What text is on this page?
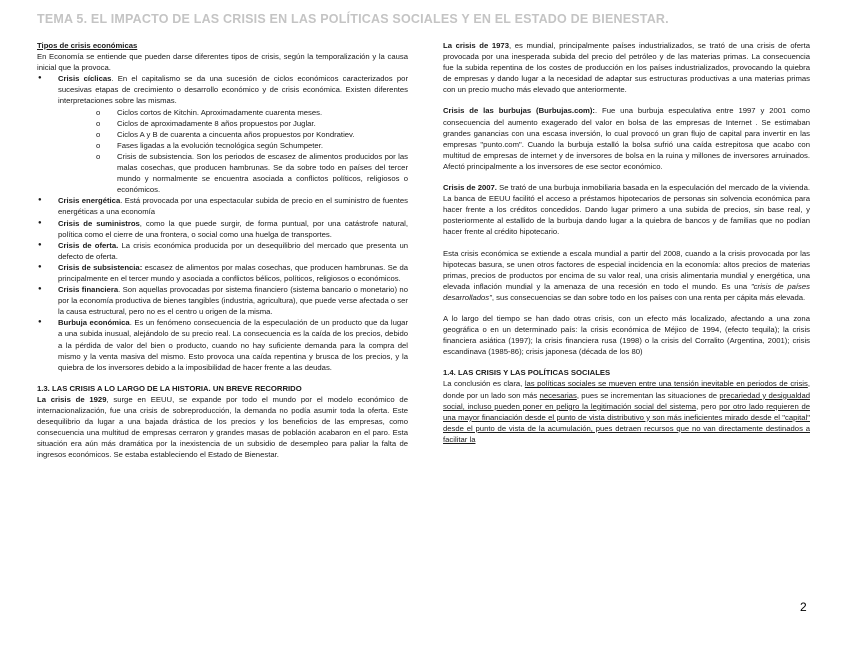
TEMA 5. EL IMPACTO DE LAS CRISIS EN LAS POLÍTICAS SOCIALES Y EN EL ESTADO DE BIENESTAR.

Tipos de crisis económicas

En Economía se entiende que pueden darse diferentes tipos de crisis, según la temporalización y la causa inicial que la provoca.

● Crisis cíclicas. En el capitalismo se da una sucesión de ciclos económicos caracterizados por sucesivas etapas de crecimiento o desarrollo económico y de crisis económica. Existen diferentes interpretaciones sobre las mismas.
o Ciclos cortos de Kitchin. Aproximadamente cuarenta meses.
o Ciclos de aproximadamente 8 años propuestos por Juglar.
o Ciclos A y B de cuarenta a cincuenta años propuestos por Kondratiev.
o Fases ligadas a la evolución tecnológica según Schumpeter.
o Crisis de subsistencia. Son los periodos de escasez de alimentos producidos por las malas cosechas, que producen hambrunas. Se da sobre todo en países del tercer mundo y normalmente se encuentra asociada a conflictos políticos, religiosos o económicos.
● Crisis energética. Está provocada por una espectacular subida de precio en el suministro de fuentes energéticas a una economía
● Crisis de suministros, como la que puede surgir, de forma puntual, por una catástrofe natural, política como el cierre de una frontera, o social como una huelga de transportes.
● Crisis de oferta. La crisis económica producida por un desequilibrio del mercado que presenta un defecto de oferta.
● Crisis de subsistencia: escasez de alimentos por malas cosechas, que producen hambrunas. Se da principalmente en el tercer mundo y asociada a conflictos bélicos, políticos, religiosos o económicos.
● Crisis financiera. Son aquellas provocadas por sistema financiero (sistema bancario o monetario) no por la economía productiva de bienes tangibles (industria, agricultura), que puede verse afectada o ser la causa estructural, pero no es el centro u origen de la misma.
● Burbuja económica. Es un fenómeno consecuencia de la especulación de un producto que da lugar a una subida inusual, alejándolo de su precio real. La consecuencia es la caída de los precios, debido a la pérdida de valor del bien o producto, cuando no hay suficiente demanda para la compra del mismo y la venta masiva del mismo. Esto provoca una caída repentina y brusca de los precios, y la quiebra de los inversores debido a la imposibilidad de hacer frente a las deudas.

1.3. LAS CRISIS A LO LARGO DE LA HISTORIA. UN BREVE RECORRIDO

La crisis de 1929, surge en EEUU, se expande por todo el mundo por el modelo económico de internacionalización, fue una crisis de sobreproducción, la demanda no podía asumir toda la oferta. Este desequilibrio da lugar a una bajada drástica de los precios y los beneficios de las empresas, como consecuencia una multitud de empresas cerraron y grandes masas de población acabaron en el paro. Esta situación era aún más dramática por la inexistencia de un subsidio de desempleo para paliar la falta de ingresos económicos. Se estaba estableciendo el Estado de Bienestar.

La crisis de 1973, es mundial, principalmente países industrializados, se trató de una crisis de oferta provocada por una inesperada subida del precio del petróleo y de las materias primas. La consecuencia fue la subida repentina de los costes de producción en los países industrializados, provocando la quiebra de empresas y dando lugar a la necesidad de adaptar sus estructuras productivas a una materias primas con un precio mucho más elevado que anteriormente.

Crisis de las burbujas (Burbujas.com):. Fue una burbuja especulativa entre 1997 y 2001 como consecuencia del aumento exagerado del valor en bolsa de las empresas de Internet . Se estimaban grandes ganancias con una escasa inversión, lo cual provocó un gran flujo de capital para invertir en las empresas "punto.com". Cuando la burbuja estalló la bolsa sufrió una caída estrepitosa que acabo con multitud de empresas de internet y de inversores de bolsa en la ruina y millones de inversores arruinados. Afectó principalmente a los inversores de ese sector económico.

Crisis de 2007. Se trató de una burbuja inmobiliaria basada en la especulación del mercado de la vivienda. La banca de EEUU facilitó el acceso a préstamos hipotecarios de personas sin solvencia económica para hacer frente a los créditos concedidos. Dando lugar primero a una subida de precios, sin base real, y posteriormente al estallido de la burbuja dando lugar a la quiebra de bancos y de familias que no podían hacer frente al crédito hipotecario.

Esta crisis económica se extiende a escala mundial a partir del 2008, cuando a la crisis provocada por las hipotecas basura, se unen otros factores de especial incidencia en la economía: altos precios de materias primas, precios de productos por encima de su valor real, una crisis alimentaria mundial y energética, una elevada inflación mundial y la amenaza de una recesión en todo el mundo. Es una "crisis de países desarrollados", sus consecuencias se dan sobre todo en los países con una renta per cápita más elevada.

A lo largo del tiempo se han dado otras crisis, con un efecto más localizado, afectando a una zona geográfica o en un determinado país: la crisis económica de Méjico de 1994, (efecto tequila); la crisis financiera asiática (1997); la crisis financiera rusa (1998) o la crisis del Corralito (Argentina, 2001); crisis escandinava (1985-86); crisis japonesa (década de los 80)

1.4. LAS CRISIS Y LAS POLÍTICAS SOCIALES

La conclusión es clara, las políticas sociales se mueven entre una tensión inevitable en periodos de crisis, donde por un lado son más necesarias, pues se incrementan las situaciones de precariedad y desigualdad social, incluso pueden poner en peligro la legitimación social del sistema, pero por otro lado requieren de una mayor financiación desde el punto de vista distributivo y son más ineficientes mirado desde el "capital" desde el punto de vista de la acumulación, pues detraen recursos que no van directamente destinados a facilitar la

2
